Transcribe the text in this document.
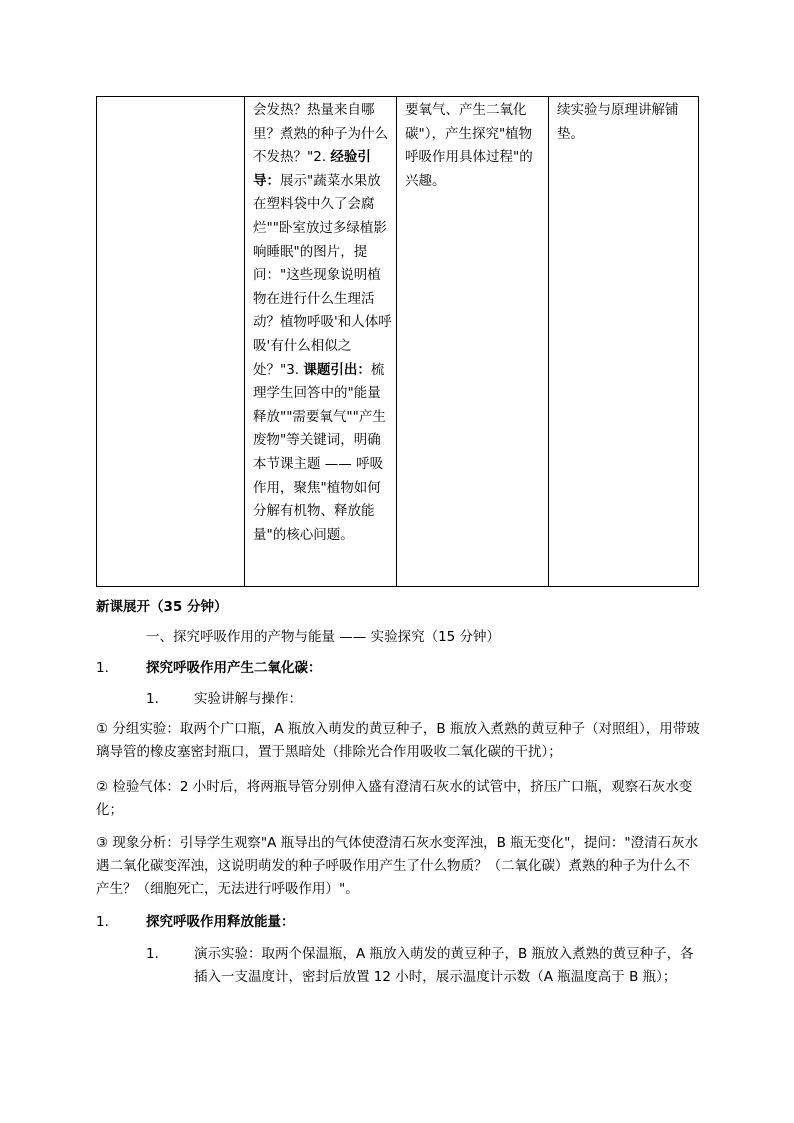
	会发热？热量来自哪里？煮熟的种子为什么不发热？"2. 经验引导：展示"蔬菜水果放在塑料袋中久了会腐烂""卧室放过多绿植影响睡眠"的图片，提问："这些现象说明植物在进行什么生理活动？植物呼吸'和人体呼吸'有什么相似之处？"3. 课题引出：梳理学生回答中的"能量释放""需要氧气""产生废物"等关键词，明确本节课主题 —— 呼吸作用，聚焦"植物如何分解有机物、释放能量"的核心问题。	要氧气、产生二氧化碳"），产生探究"植物呼吸作用具体过程"的兴趣。	续实验与原理讲解铺垫。

新课展开（35 分钟）

一、探究呼吸作用的产物与能量 —— 实验探究（15 分钟）

1.	探究呼吸作用产生二氧化碳：
1.	实验讲解与操作：

① 分组实验：取两个广口瓶，A 瓶放入萌发的黄豆种子，B 瓶放入煮熟的黄豆种子（对照组），用带玻璃导管的橡皮塞密封瓶口，置于黑暗处（排除光合作用吸收二氧化碳的干扰）；

② 检验气体：2 小时后，将两瓶导管分别伸入盛有澄清石灰水的试管中，挤压广口瓶，观察石灰水变化；

③ 现象分析：引导学生观察"A 瓶导出的气体使澄清石灰水变浑浊，B 瓶无变化"，提问："澄清石灰水遇二氧化碳变浑浊，这说明萌发的种子呼吸作用产生了什么物质？（二氧化碳）煮熟的种子为什么不产生？（细胞死亡，无法进行呼吸作用）"。

1.	探究呼吸作用释放能量：
1.	演示实验：取两个保温瓶，A 瓶放入萌发的黄豆种子，B 瓶放入煮熟的黄豆种子，各插入一支温度计，密封后放置 12 小时，展示温度计示数（A 瓶温度高于 B 瓶）；
